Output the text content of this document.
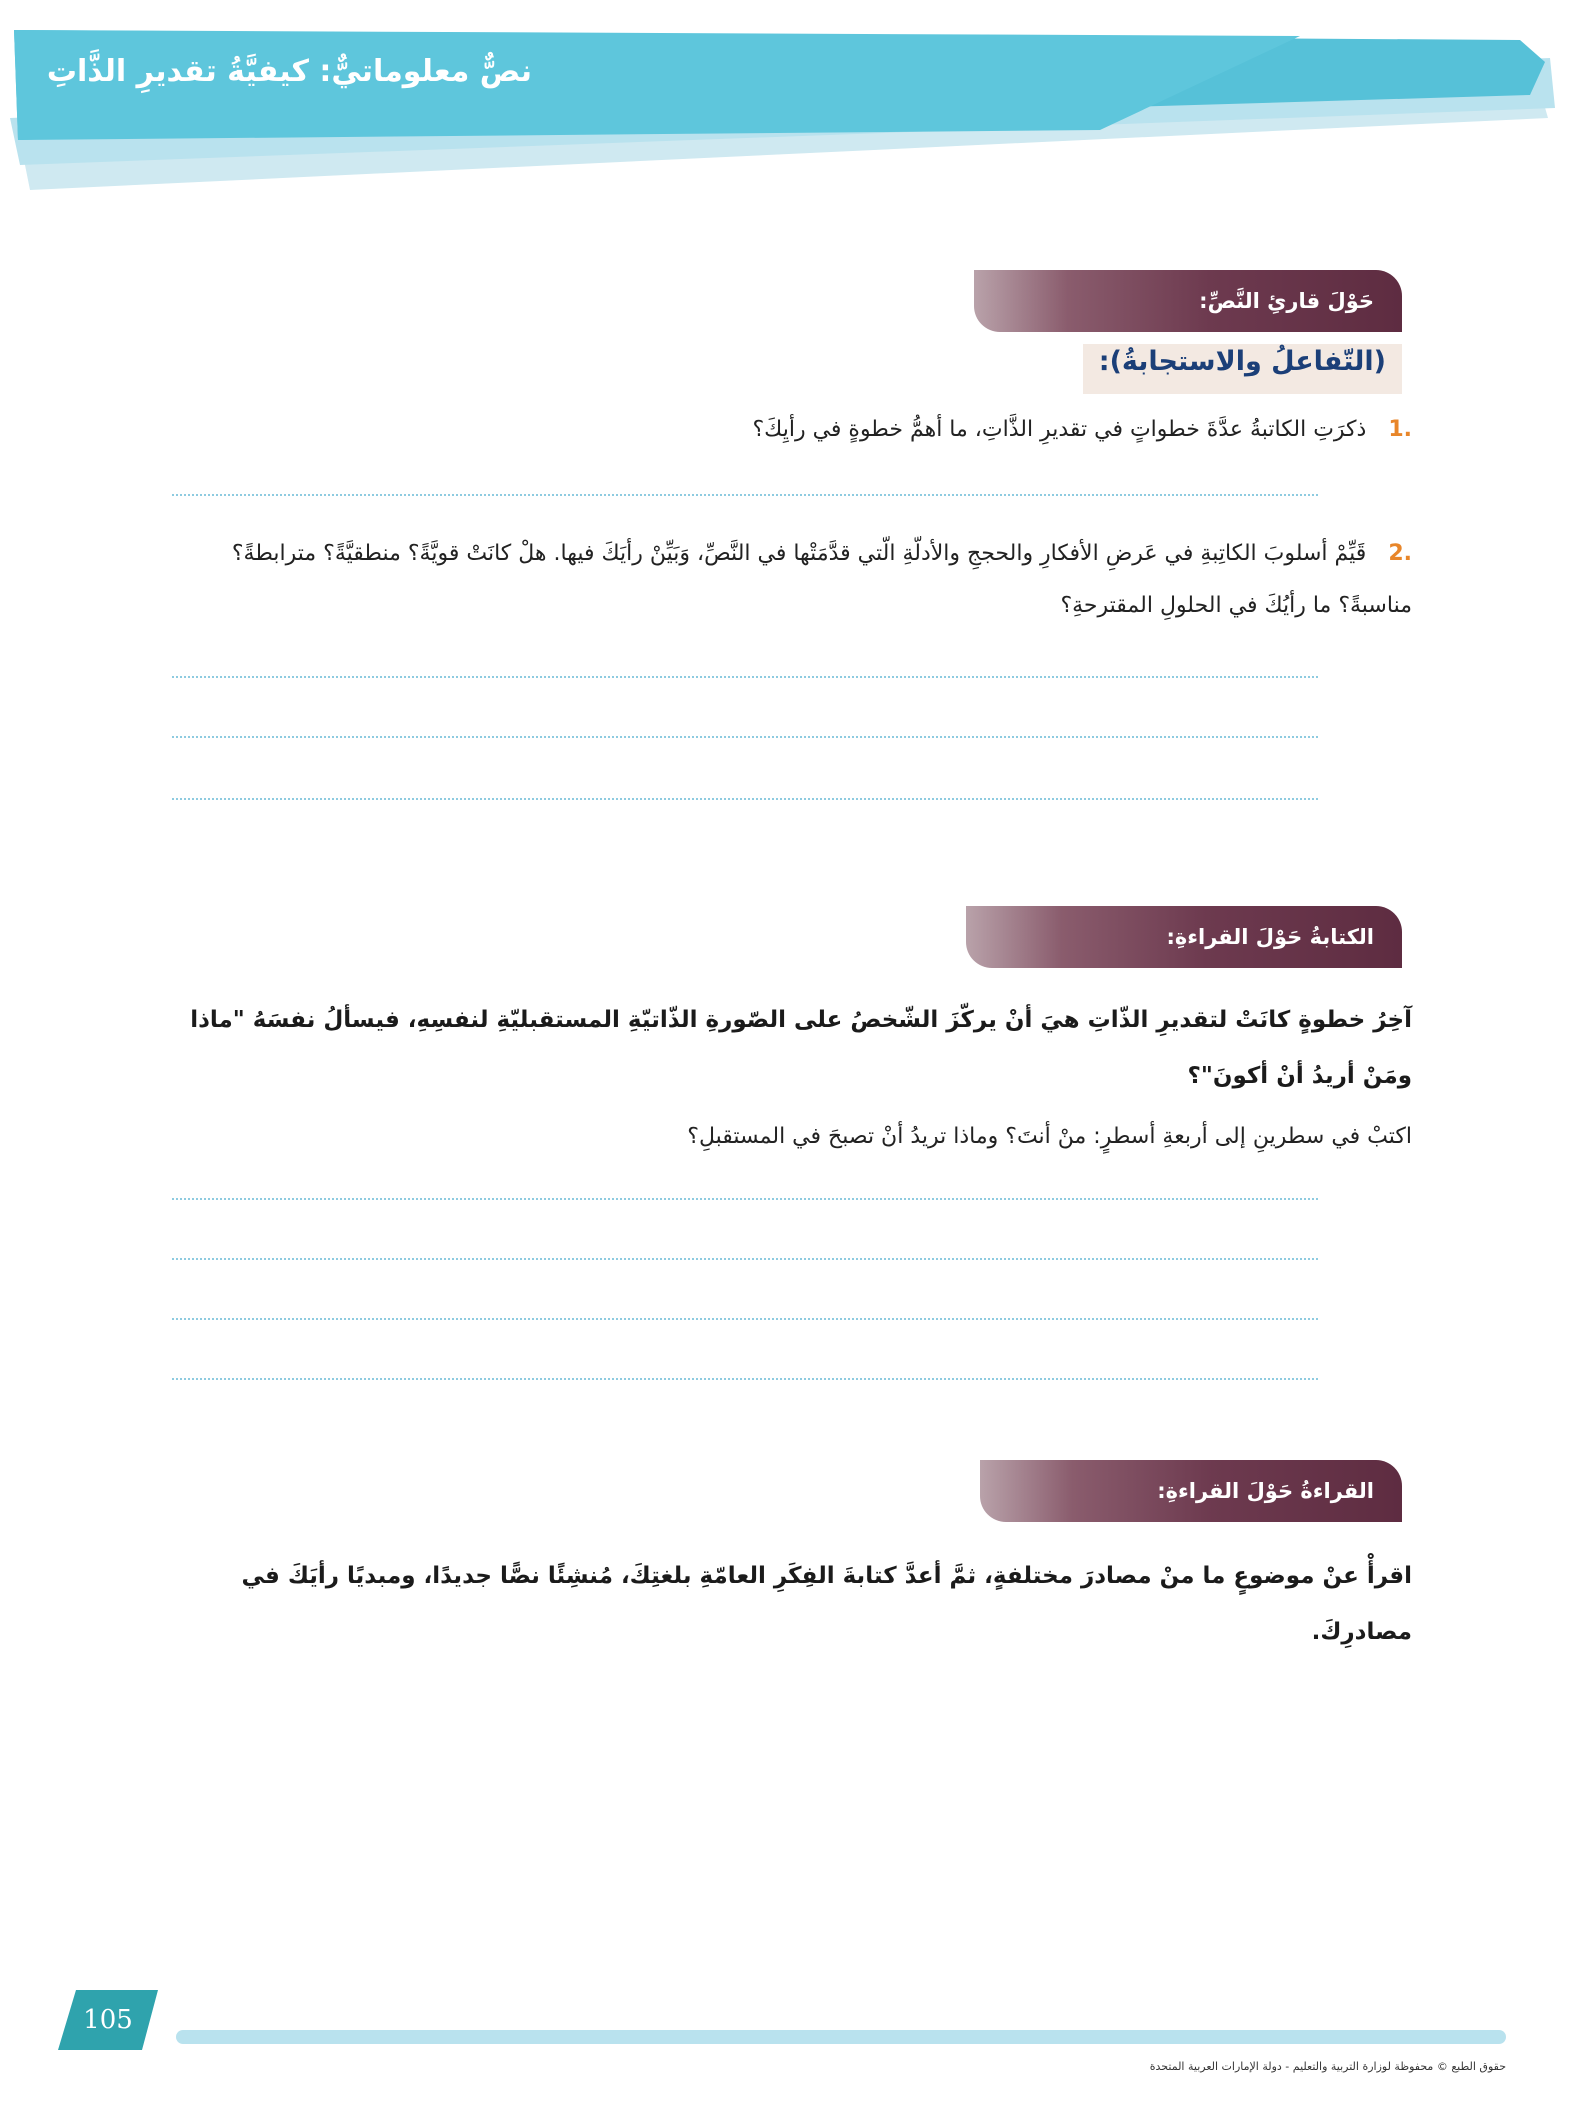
نصٌّ معلوماتيٌّ: كيفيَّةُ تقديرِ الذَّاتِ
حَوْلَ قارئِ النَّصِّ:
(التّفاعلُ والاستجابةُ):
.1ذكرَتِ الكاتبةُ عدَّةَ خطواتٍ في تقديرِ الذَّاتِ، ما أهمُّ خطوةٍ في رأيِكَ؟
.2قَيِّمْ أسلوبَ الكاتِبةِ في عَرضِ الأفكارِ والحججِ والأدلّةِ الّتي قدَّمَتْها في النَّصِّ، وَبَيِّنْ رأيَكَ فيها. هلْ كانَتْ قويَّةً؟ منطقيَّةً؟ مترابطةً؟ مناسبةً؟ ما رأيُكَ في الحلولِ المقترحةِ؟
الكتابةُ حَوْلَ القراءةِ:
آخِرُ خطوةٍ كانَتْ لتقديرِ الذّاتِ هيَ أنْ يركّزَ الشّخصُ على الصّورةِ الذّاتيّةِ المستقبليّةِ لنفسِهِ، فيسألُ نفسَهُ "ماذا ومَنْ أريدُ أنْ أكونَ"؟
اكتبْ في سطرينِ إلى أربعةِ أسطرٍ: منْ أنتَ؟ وماذا تريدُ أنْ تصبحَ في المستقبلِ؟
القراءةُ حَوْلَ القراءةِ:
اقرأْ عنْ موضوعٍ ما منْ مصادرَ مختلفةٍ، ثمَّ أعدَّ كتابةَ الفِكَرِ العامّةِ بلغتِكَ، مُنشِئًا نصًّا جديدًا، ومبديًا رأيَكَ في مصادرِكَ.
105
حقوق الطبع © محفوظة لوزارة التربية والتعليم - دولة الإمارات العربية المتحدة
